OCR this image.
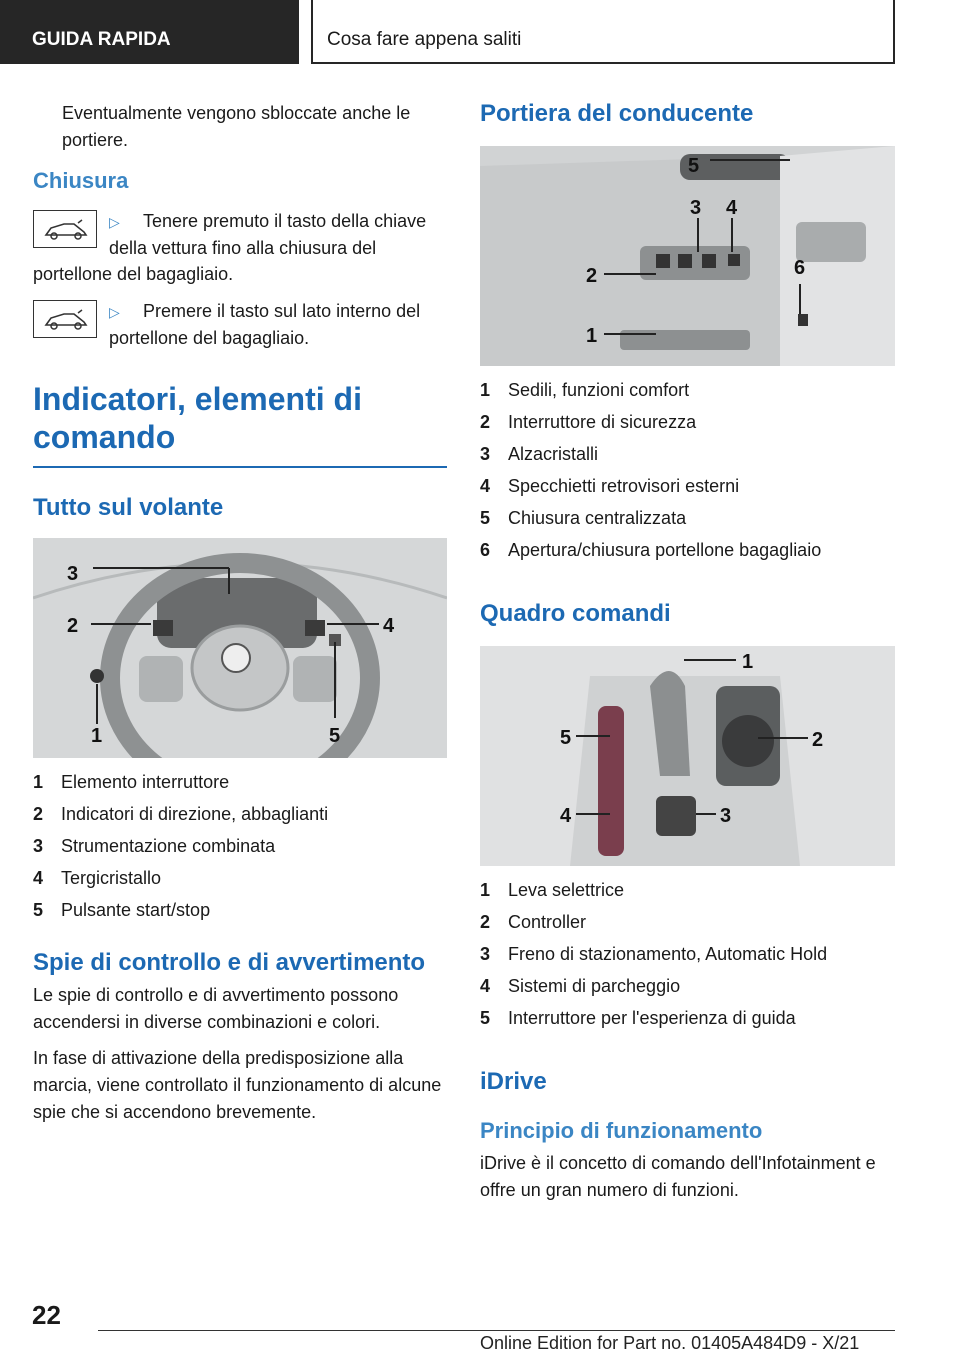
GUIDA RAPIDA	Cosa fare appena saliti

Eventualmente vengono sbloccate anche le portiere.

Chiusura

▷ Tenere premuto il tasto della chiave della vettura fino alla chiusura del portellone del bagagliaio.
▷ Premere il tasto sul lato interno del portellone del bagagliaio.

Indicatori, elementi di comando

Tutto sul volante

3
2	4
1	5
1 Elemento interruttore
2 Indicatori di direzione, abbaglianti
3 Strumentazione combinata
4 Tergicristallo
5 Pulsante start/stop

Spie di controllo e di avvertimento

Le spie di controllo e di avvertimento possono accendersi in diverse combinazioni e colori.

In fase di attivazione della predisposizione alla marcia, viene controllato il funzionamento di alcune spie che si accendono brevemente.

Portiera del conducente

5
3 4
6
2
1
1 Sedili, funzioni comfort
2 Interruttore di sicurezza
3 Alzacristalli
4 Specchietti retrovisori esterni
5 Chiusura centralizzata
6 Apertura/chiusura portellone bagagliaio

Quadro comandi

1
2
3
4
5
1 Leva selettrice
2 Controller
3 Freno di stazionamento, Automatic Hold
4 Sistemi di parcheggio
5 Interruttore per l'esperienza di guida

iDrive

Principio di funzionamento

iDrive è il concetto di comando dell'Infotainment e offre un gran numero di funzioni.

22
Online Edition for Part no. 01405A484D9 - X/21
